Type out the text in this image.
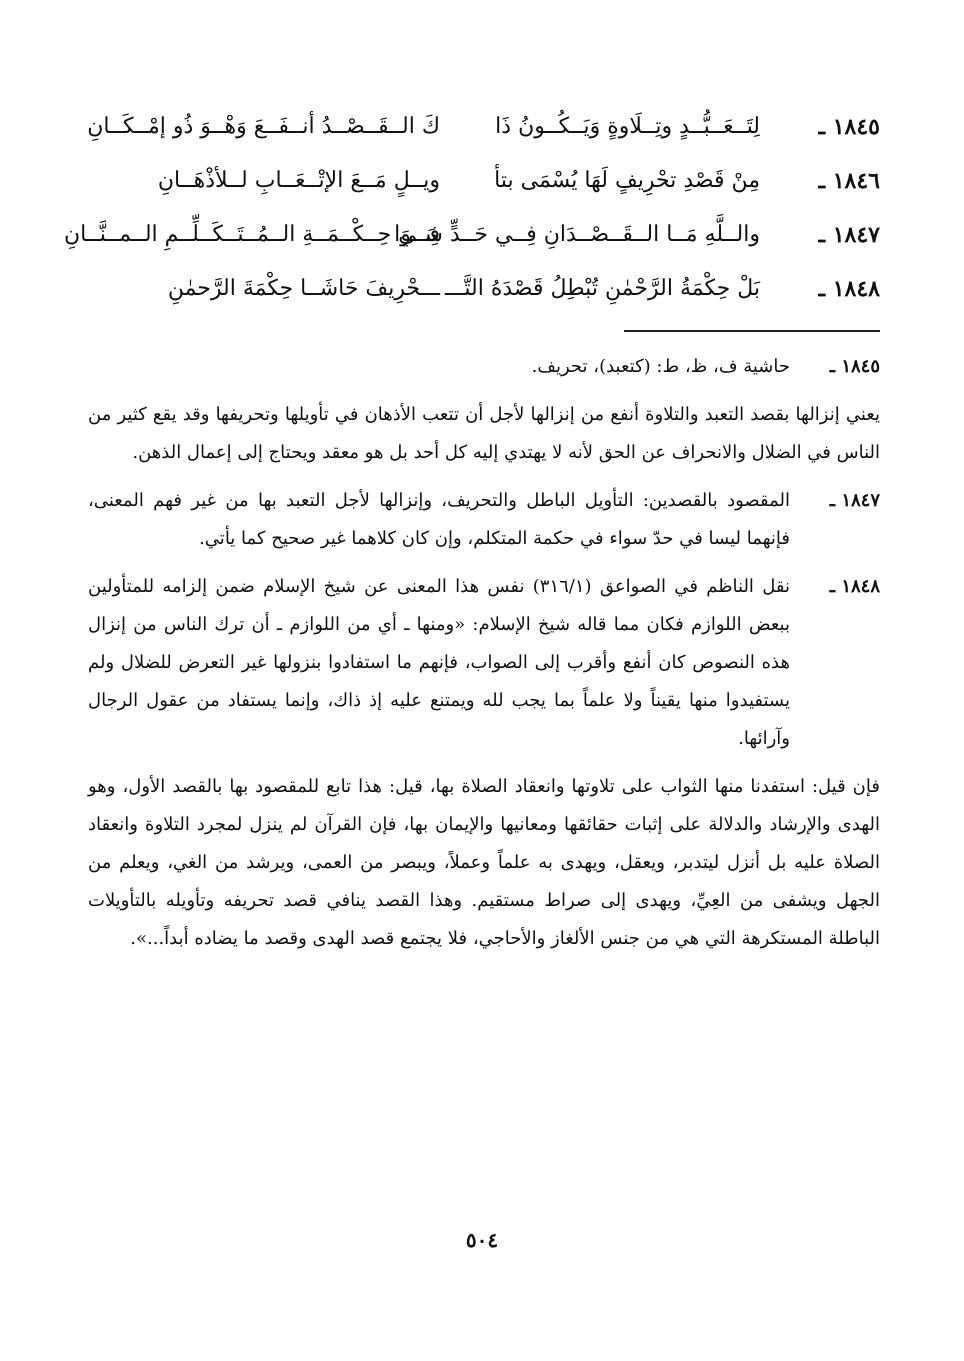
١٨٤٥ ـ
لِتَــعَــبُّــدٍ وتِــلَاوةٍ وَيَــكُــونُ ذَا
كَ الــقَــصْــدُ أنــفَــعَ وَهْــوَ ذُو إمْــكَــانِ
١٨٤٦ ـ
مِنْ قَصْدِ تحْرِيفٍ لَهَا يُسْمَى بتأ
ويــلٍ مَــعَ الإتْــعَــابِ لــلأذْهَــانِ
١٨٤٧ ـ
والــلَّهِ مَــا الــقَــصْــدَانِ فِــي حَــدٍّ سَــوَا
فِــي حِــكْــمَــةِ الــمُــتَــكَــلِّــمِ الــمــنَّــانِ
١٨٤٨ ـ
بَلْ حِكْمَةُ الرَّحْمٰنِ تُبْطِلُ قَصْدَهُ التَّـــ
ـــحْرِيفَ حَاشَــا حِكْمَةَ الرَّحمٰنِ
١٨٤٥ ـ
حاشية ف، ظ، ط: (كتعبد)، تحريف.

يعني إنزالها بقصد التعبد والتلاوة أنفع من إنزالها لأجل أن تتعب الأذهان في تأويلها وتحريفها وقد يقع كثير من الناس في الضلال والانحراف عن الحق لأنه لا يهتدي إليه كل أحد بل هو معقد ويحتاج إلى إعمال الذهن.

١٨٤٧ ـ
المقصود بالقصدين: التأويل الباطل والتحريف، وإنزالها لأجل التعبد بها من غير فهم المعنى، فإنهما ليسا في حدّ سواء في حكمة المتكلم، وإن كان كلاهما غير صحيح كما يأتي.
١٨٤٨ ـ
نقل الناظم في الصواعق (٣١٦/١) نفس هذا المعنى عن شيخ الإسلام ضمن إلزامه للمتأولين ببعض اللوازم فكان مما قاله شيخ الإسلام: «ومنها ـ أي من اللوازم ـ أن ترك الناس من إنزال هذه النصوص كان أنفع وأقرب إلى الصواب، فإنهم ما استفادوا بنزولها غير التعرض للضلال ولم يستفيدوا منها يقيناً ولا علماً بما يجب لله ويمتنع عليه إذ ذاك، وإنما يستفاد من عقول الرجال وآرائها.

فإن قيل: استفدنا منها الثواب على تلاوتها وانعقاد الصلاة بها، قيل: هذا تابع للمقصود بها بالقصد الأول، وهو الهدى والإرشاد والدلالة على إثبات حقائقها ومعانيها والإيمان بها، فإن القرآن لم ينزل لمجرد التلاوة وانعقاد الصلاة عليه بل أنزل ليتدبر، ويعقل، ويهدى به علماً وعملاً، ويبصر من العمى، ويرشد من الغي، ويعلم من الجهل ويشفى من العِيِّ، ويهدى إلى صراط مستقيم. وهذا القصد ينافي قصد تحريفه وتأويله بالتأويلات الباطلة المستكرهة التي هي من جنس الألغاز والأحاجي، فلا يجتمع قصد الهدى وقصد ما يضاده أبداً...».

٥٠٤
